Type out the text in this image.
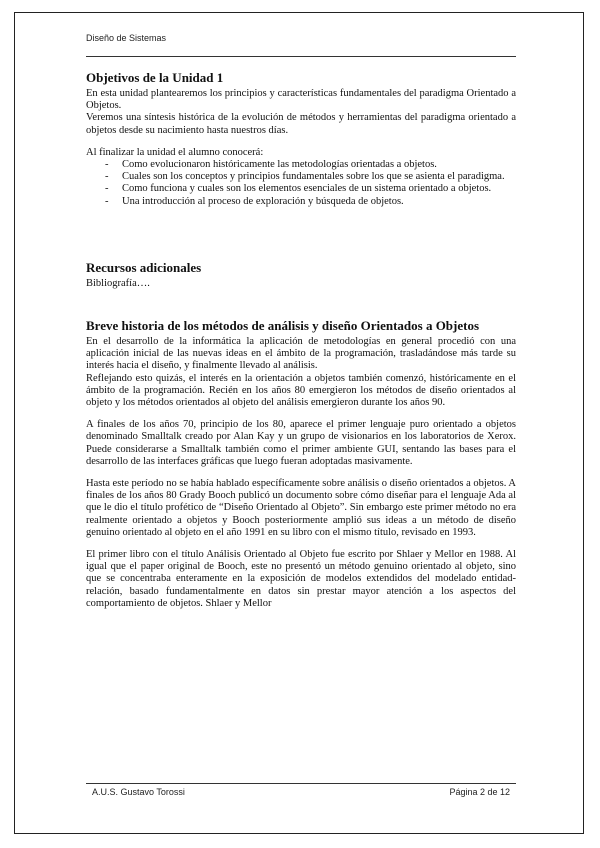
Diseño de Sistemas
Objetivos de la Unidad 1

En esta unidad plantearemos los principios y características fundamentales del paradigma Orientado a Objetos.

Veremos una síntesis histórica de la evolución de métodos y herramientas del paradigma orientado a objetos desde su nacimiento hasta nuestros días.

Al finalizar la unidad el alumno conocerá:

- Como evolucionaron históricamente las metodologías orientadas a objetos.
- Cuales son los conceptos y principios fundamentales sobre los que se asienta el paradigma.
- Como funciona y cuales son los elementos esenciales de un sistema orientado a objetos.
- Una introducción al proceso de exploración y búsqueda de objetos.
Recursos adicionales

Bibliografía….

Breve historia de los métodos de análisis y diseño Orientados a Objetos

En el desarrollo de la informática la aplicación de metodologías en general procedió con una aplicación inicial de las nuevas ideas en el ámbito de la programación, trasladándose más tarde su interés hacia el diseño, y finalmente llevado al análisis.

Reflejando esto quizás, el interés en la orientación a objetos también comenzó, históricamente en el ámbito de la programación. Recién en los años 80 emergieron los métodos de diseño orientados al objeto y los métodos orientados al objeto del análisis emergieron durante los años 90.

A finales de los años 70, principio de los 80, aparece el primer lenguaje puro orientado a objetos denominado Smalltalk creado por Alan Kay y un grupo de visionarios en los laboratorios de Xerox. Puede considerarse a Smalltalk también como el primer ambiente GUI, sentando las bases para el desarrollo de las interfaces gráficas que luego fueran adoptadas masivamente.

Hasta este período no se había hablado específicamente sobre análisis o diseño orientados a objetos. A finales de los años 80 Grady Booch publicó un documento sobre cómo diseñar para el lenguaje Ada al que le dio el título profético de “Diseño Orientado al Objeto”. Sin embargo este primer método no era realmente orientado a objetos y Booch posteriormente amplió sus ideas a un método de diseño genuino orientado al objeto en el año 1991 en su libro con el mismo título, revisado en 1993.

El primer libro con el título Análisis Orientado al Objeto fue escrito por Shlaer y Mellor en 1988. Al igual que el paper original de Booch, este no presentó un método genuino orientado al objeto, sino que se concentraba enteramente en la exposición de modelos extendidos del modelado entidad-relación, basado fundamentalmente en datos sin prestar mayor atención a los aspectos del comportamiento de objetos. Shlaer y Mellor

A.U.S. Gustavo Torossi	Página 2 de 12
